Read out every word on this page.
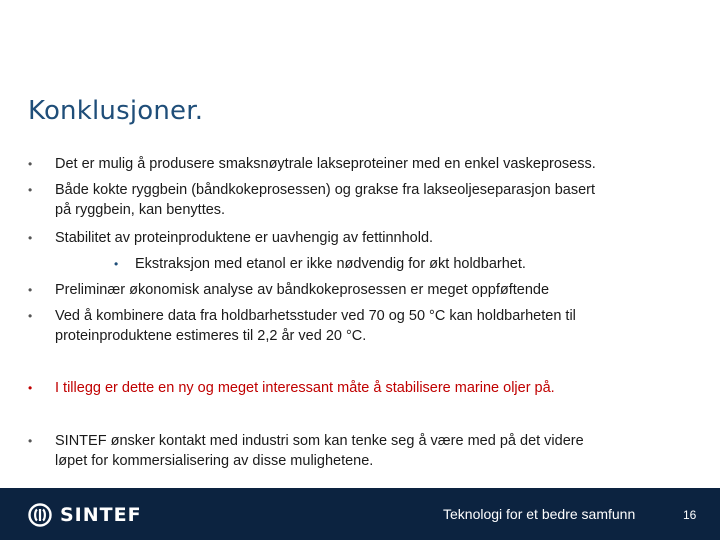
Konklusjoner.
•	Det er mulig å produsere smaksnøytrale lakseproteiner med en enkel vaskeprosess.
•	Både kokte ryggbein (båndkokeprosessen) og grakse fra lakseoljeseparasjon basert
på ryggbein, kan benyttes.
•	Stabilitet av proteinproduktene er uavhengig av fettinnhold.
•	Ekstraksjon med etanol er ikke nødvendig for økt holdbarhet.
•	Preliminær økonomisk analyse av båndkokeprosessen er meget oppføftende
•	Ved å kombinere data fra holdbarhetsstuder ved 70 og 50 °C kan holdbarheten til
proteinproduktene estimeres til 2,2 år ved 20 °C.
•	I tillegg er dette en ny og meget interessant måte å stabilisere marine oljer på.
•	SINTEF ønsker kontakt med industri som kan tenke seg å være med på det videre
løpet for kommersialisering av disse mulighetene.
SINTEF	Teknologi for et bedre samfunn	16
